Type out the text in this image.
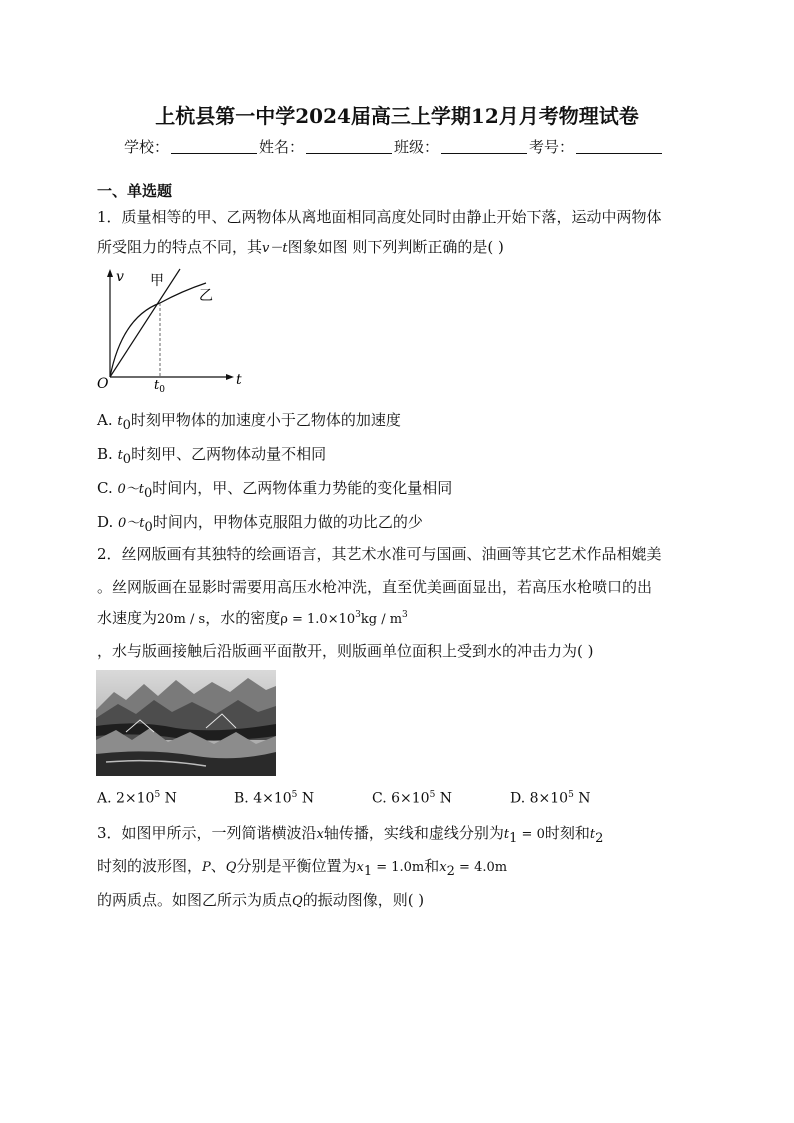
上杭县第一中学2024届高三上学期12月月考物理试卷
学校：	姓名：	班级：	考号：
一、单选题
1．质量相等的甲、乙两物体从离地面相同高度处同时由静止开始下落，运动中两物体
所受阻力的特点不同，其v－t图象如图 则下列判断正确的是( )
v
t
O	$t_0$
甲
乙
A. $t_0$时刻甲物体的加速度小于乙物体的加速度
B. $t_0$时刻甲、乙两物体动量不相同
C. $0\sim t_0$时间内，甲、乙两物体重力势能的变化量相同
D. $0\sim t_0$时间内，甲物体克服阻力做的功比乙的少
2．丝网版画有其独特的绘画语言，其艺术水准可与国画、油画等其它艺术作品相媲美
。丝网版画在显影时需要用高压水枪冲洗，直至优美画面显出，若高压水枪喷口的出
水速度为20m / s，水的密度$\rho = 1.0\times 10^3kg / m^3$
，水与版画接触后沿版画平面散开，则版画单位面积上受到水的冲击力为( )
A. $2\times 10^5$ N	B. $4\times 10^5$ N	C. $6\times 10^5$ N	D. $8\times 10^5$ N
3．如图甲所示，一列简谐横波沿x轴传播，实线和虚线分别为$t_1 = 0$时刻和$t_2$
时刻的波形图，P、Q分别是平衡位置为$x_1 = 1.0m$和$x_2 = 4.0m$
的两质点。如图乙所示为质点Q的振动图像，则( )
